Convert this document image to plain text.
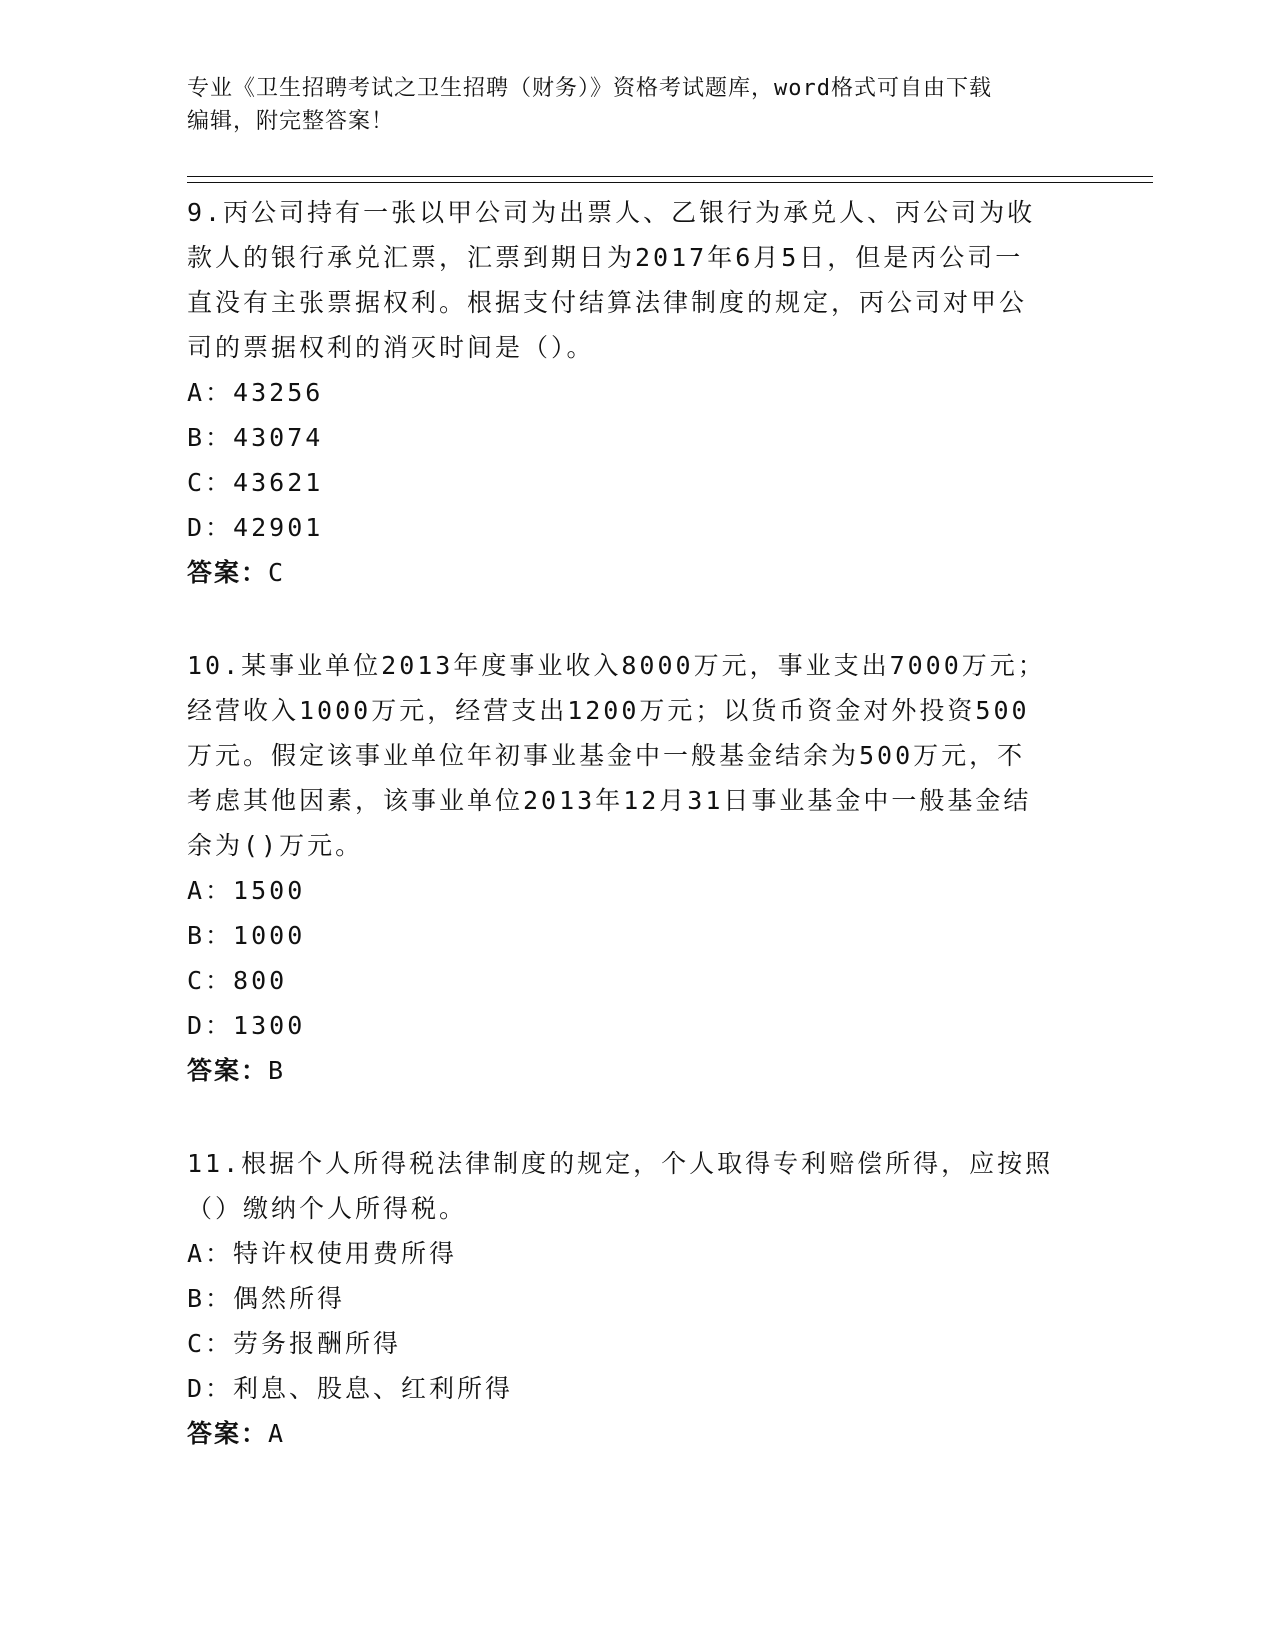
专业《卫生招聘考试之卫生招聘（财务）》资格考试题库，word格式可自由下载
编辑，附完整答案！
9.丙公司持有一张以甲公司为出票人、乙银行为承兑人、丙公司为收
款人的银行承兑汇票，汇票到期日为2017年6月5日，但是丙公司一
直没有主张票据权利。根据支付结算法律制度的规定，丙公司对甲公
司的票据权利的消灭时间是（）。
A：43256
B：43074
C：43621
D：42901
答案：C
10.某事业单位2013年度事业收入8000万元，事业支出7000万元；
经营收入1000万元，经营支出1200万元；以货币资金对外投资500
万元。假定该事业单位年初事业基金中一般基金结余为500万元，不
考虑其他因素，该事业单位2013年12月31日事业基金中一般基金结
余为()万元。
A：1500
B：1000
C：800
D：1300
答案：B
11.根据个人所得税法律制度的规定，个人取得专利赔偿所得，应按照
（）缴纳个人所得税。
A：特许权使用费所得
B：偶然所得
C：劳务报酬所得
D：利息、股息、红利所得
答案：A
